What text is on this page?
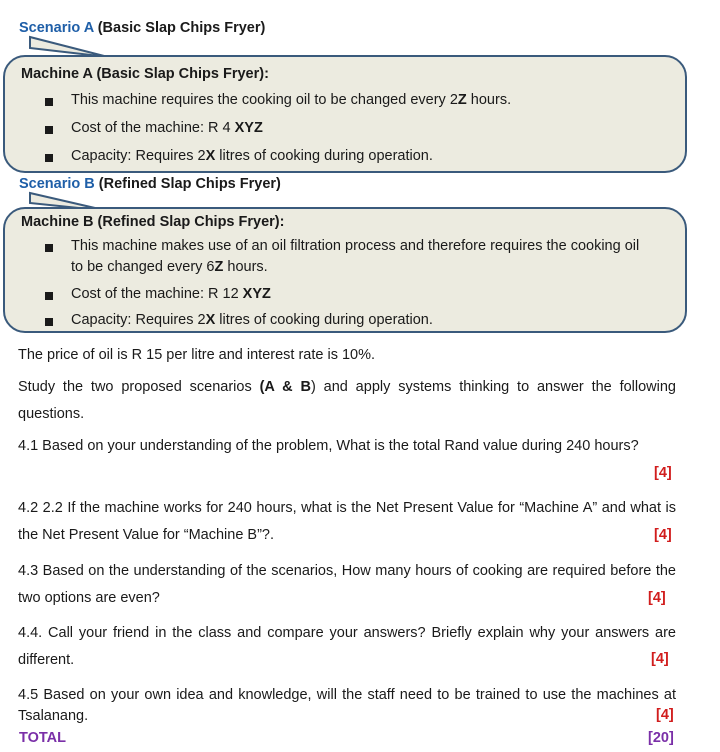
Scenario A (Basic Slap Chips Fryer)
Machine A (Basic Slap Chips Fryer):
This machine requires the cooking oil to be changed every 2Z hours.
Cost of the machine: R 4 XYZ
Capacity: Requires 2X litres of cooking during operation.
Scenario B (Refined Slap Chips Fryer)
Machine B (Refined Slap Chips Fryer):
This machine makes use of an oil filtration process and therefore requires the cooking oil
to be changed every 6Z hours.
Cost of the machine: R 12 XYZ
Capacity: Requires 2X litres of cooking during operation.
The price of oil is R 15 per litre and interest rate is 10%.
Study the two proposed scenarios (A & B) and apply systems thinking to answer the following questions.
4.1 Based on your understanding of the problem, What is the total Rand value during 240 hours?
[4]
4.2 2.2 If the machine works for 240 hours, what is the Net Present Value for “Machine A” and what is the Net Present Value for “Machine B”?.	[4]
4.3 Based on the understanding of the scenarios, How many hours of cooking are required before the two options are even?	[4]
4.4. Call your friend in the class and compare your answers? Briefly explain why your answers are different.	[4]
4.5 Based on your own idea and knowledge, will the staff need to be trained to use the machines at Tsalanang.	[4]
TOTAL	[20]
